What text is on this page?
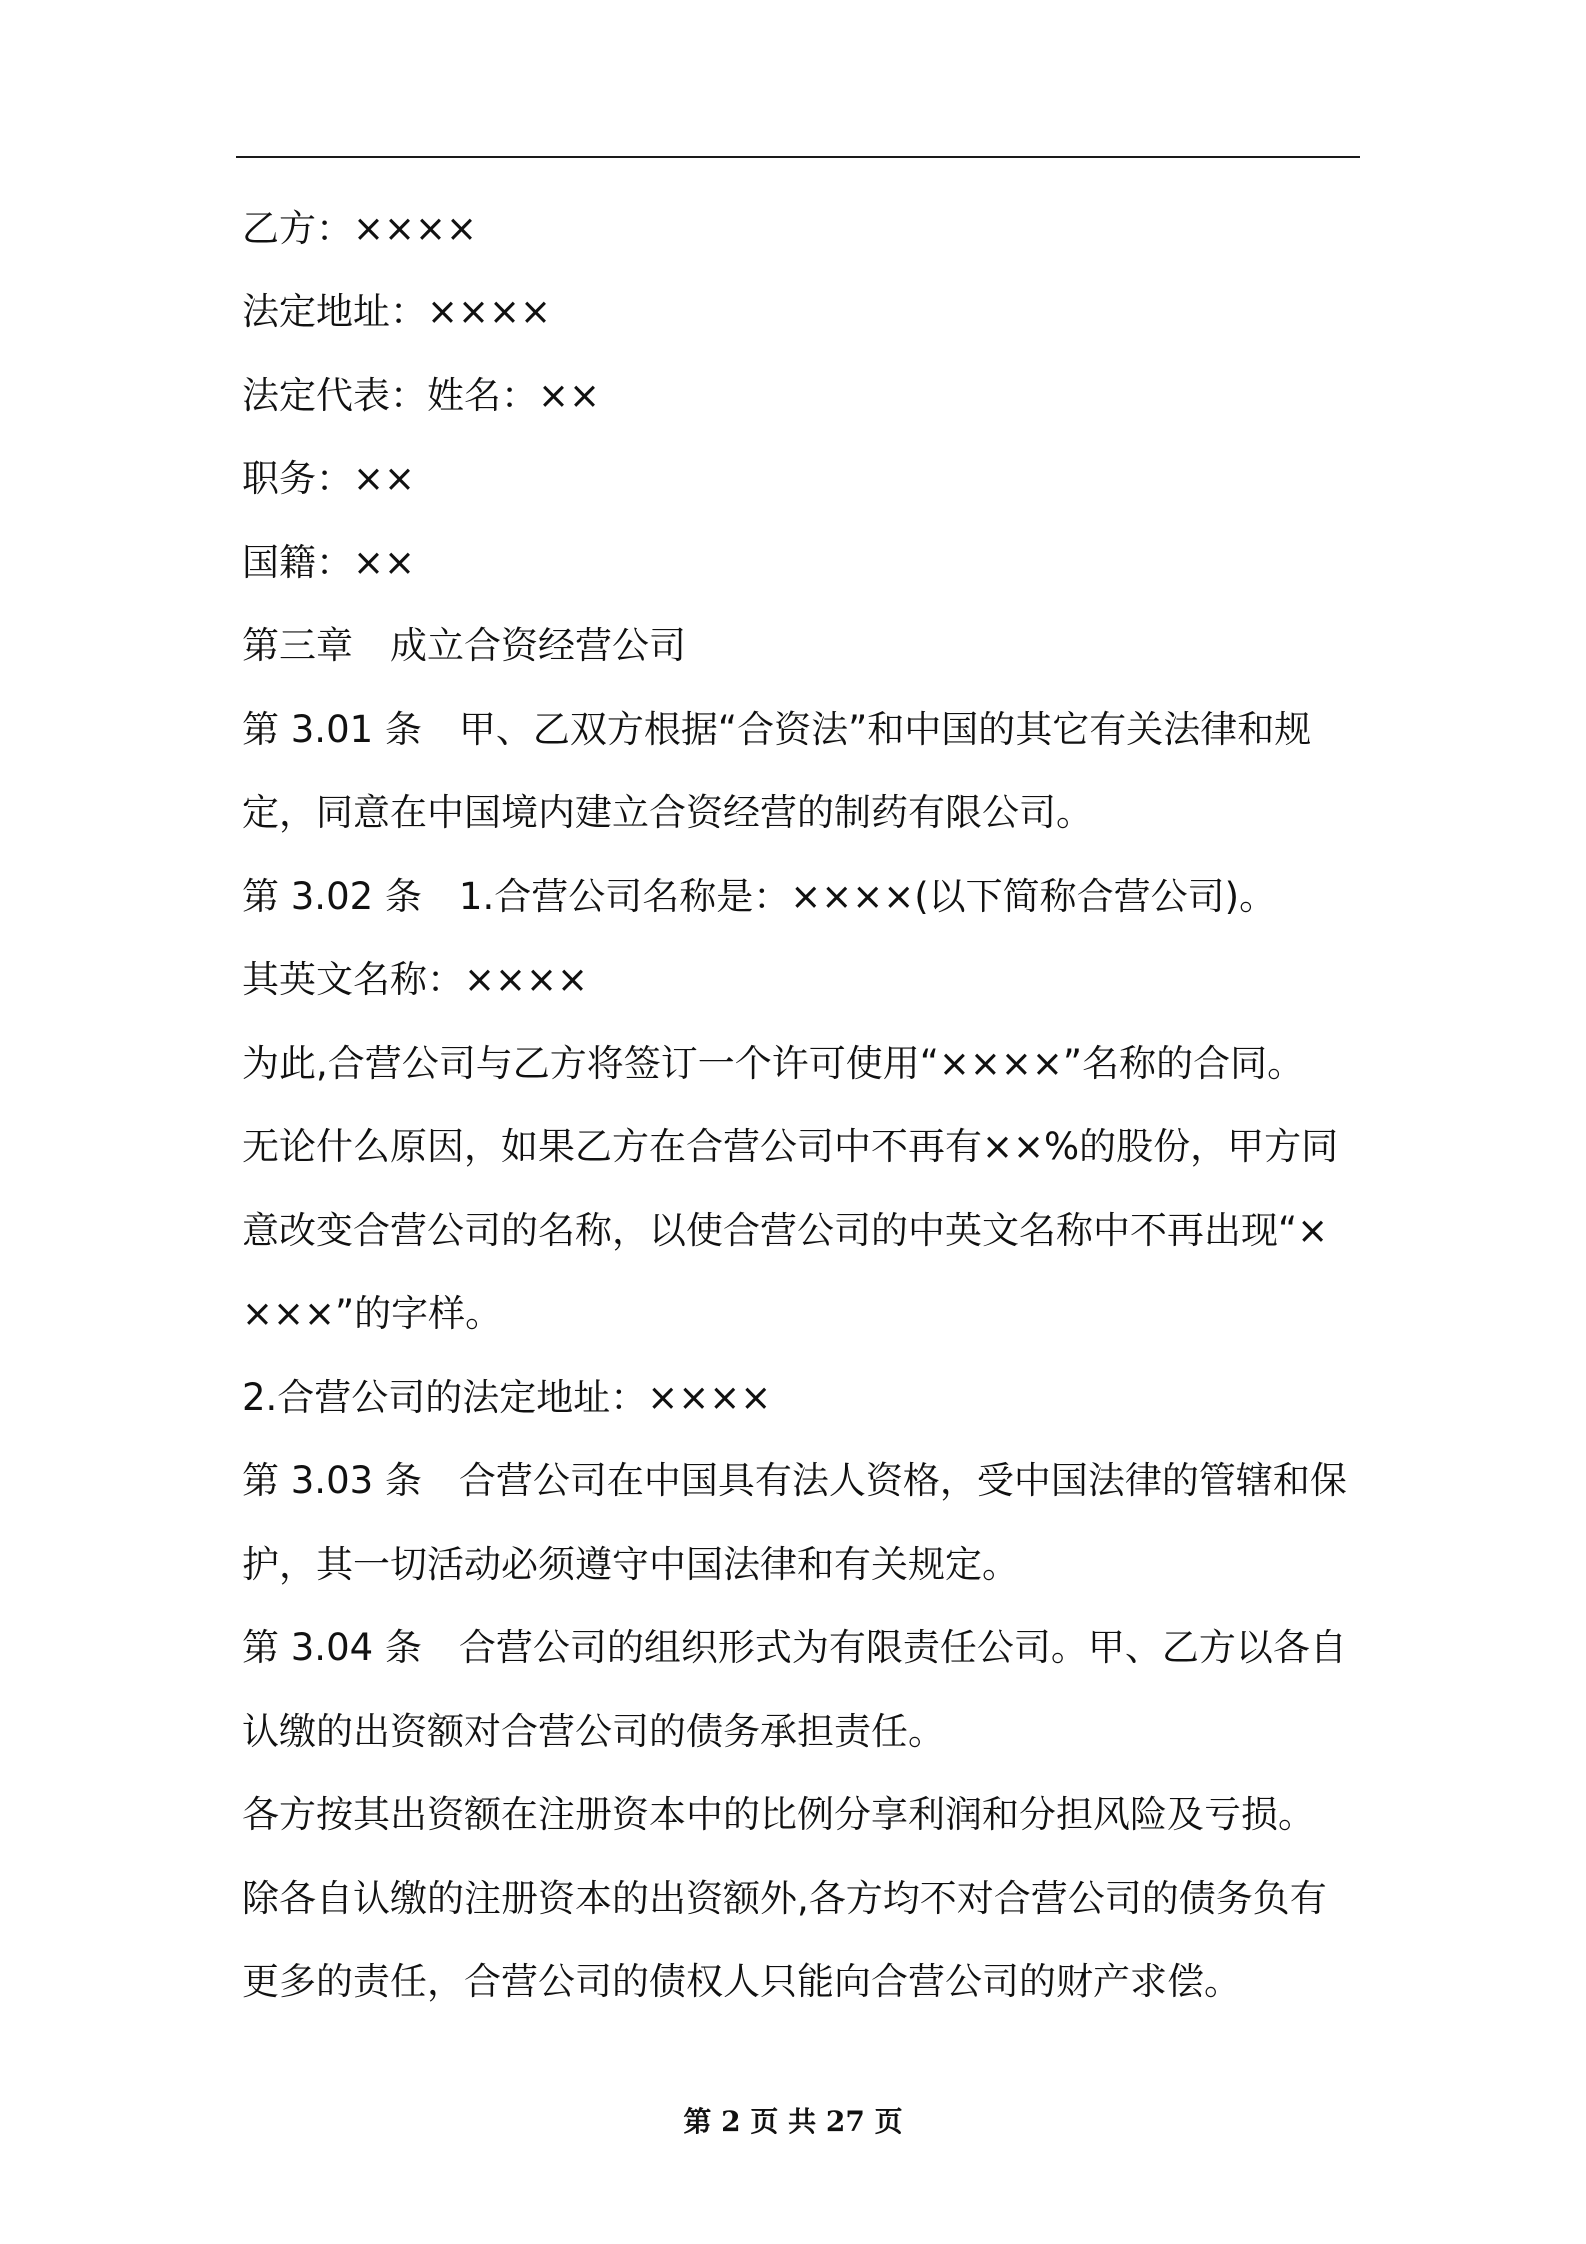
乙方：××××
法定地址：××××
法定代表：姓名：××
职务：××
国籍：××
第三章　成立合资经营公司
第 3.01 条　甲、乙双方根据“合资法”和中国的其它有关法律和规
定，同意在中国境内建立合资经营的制药有限公司。
第 3.02 条　1.合营公司名称是：××××(以下简称合营公司)。
其英文名称：××××
为此,合营公司与乙方将签订一个许可使用“××××”名称的合同。
无论什么原因，如果乙方在合营公司中不再有××%的股份，甲方同
意改变合营公司的名称，以使合营公司的中英文名称中不再出现“×
×××”的字样。
2.合营公司的法定地址：××××
第 3.03 条　合营公司在中国具有法人资格，受中国法律的管辖和保
护，其一切活动必须遵守中国法律和有关规定。
第 3.04 条　合营公司的组织形式为有限责任公司。甲、乙方以各自
认缴的出资额对合营公司的债务承担责任。
各方按其出资额在注册资本中的比例分享利润和分担风险及亏损。
除各自认缴的注册资本的出资额外,各方均不对合营公司的债务负有
更多的责任，合营公司的债权人只能向合营公司的财产求偿。
第 2 页 共 27 页
